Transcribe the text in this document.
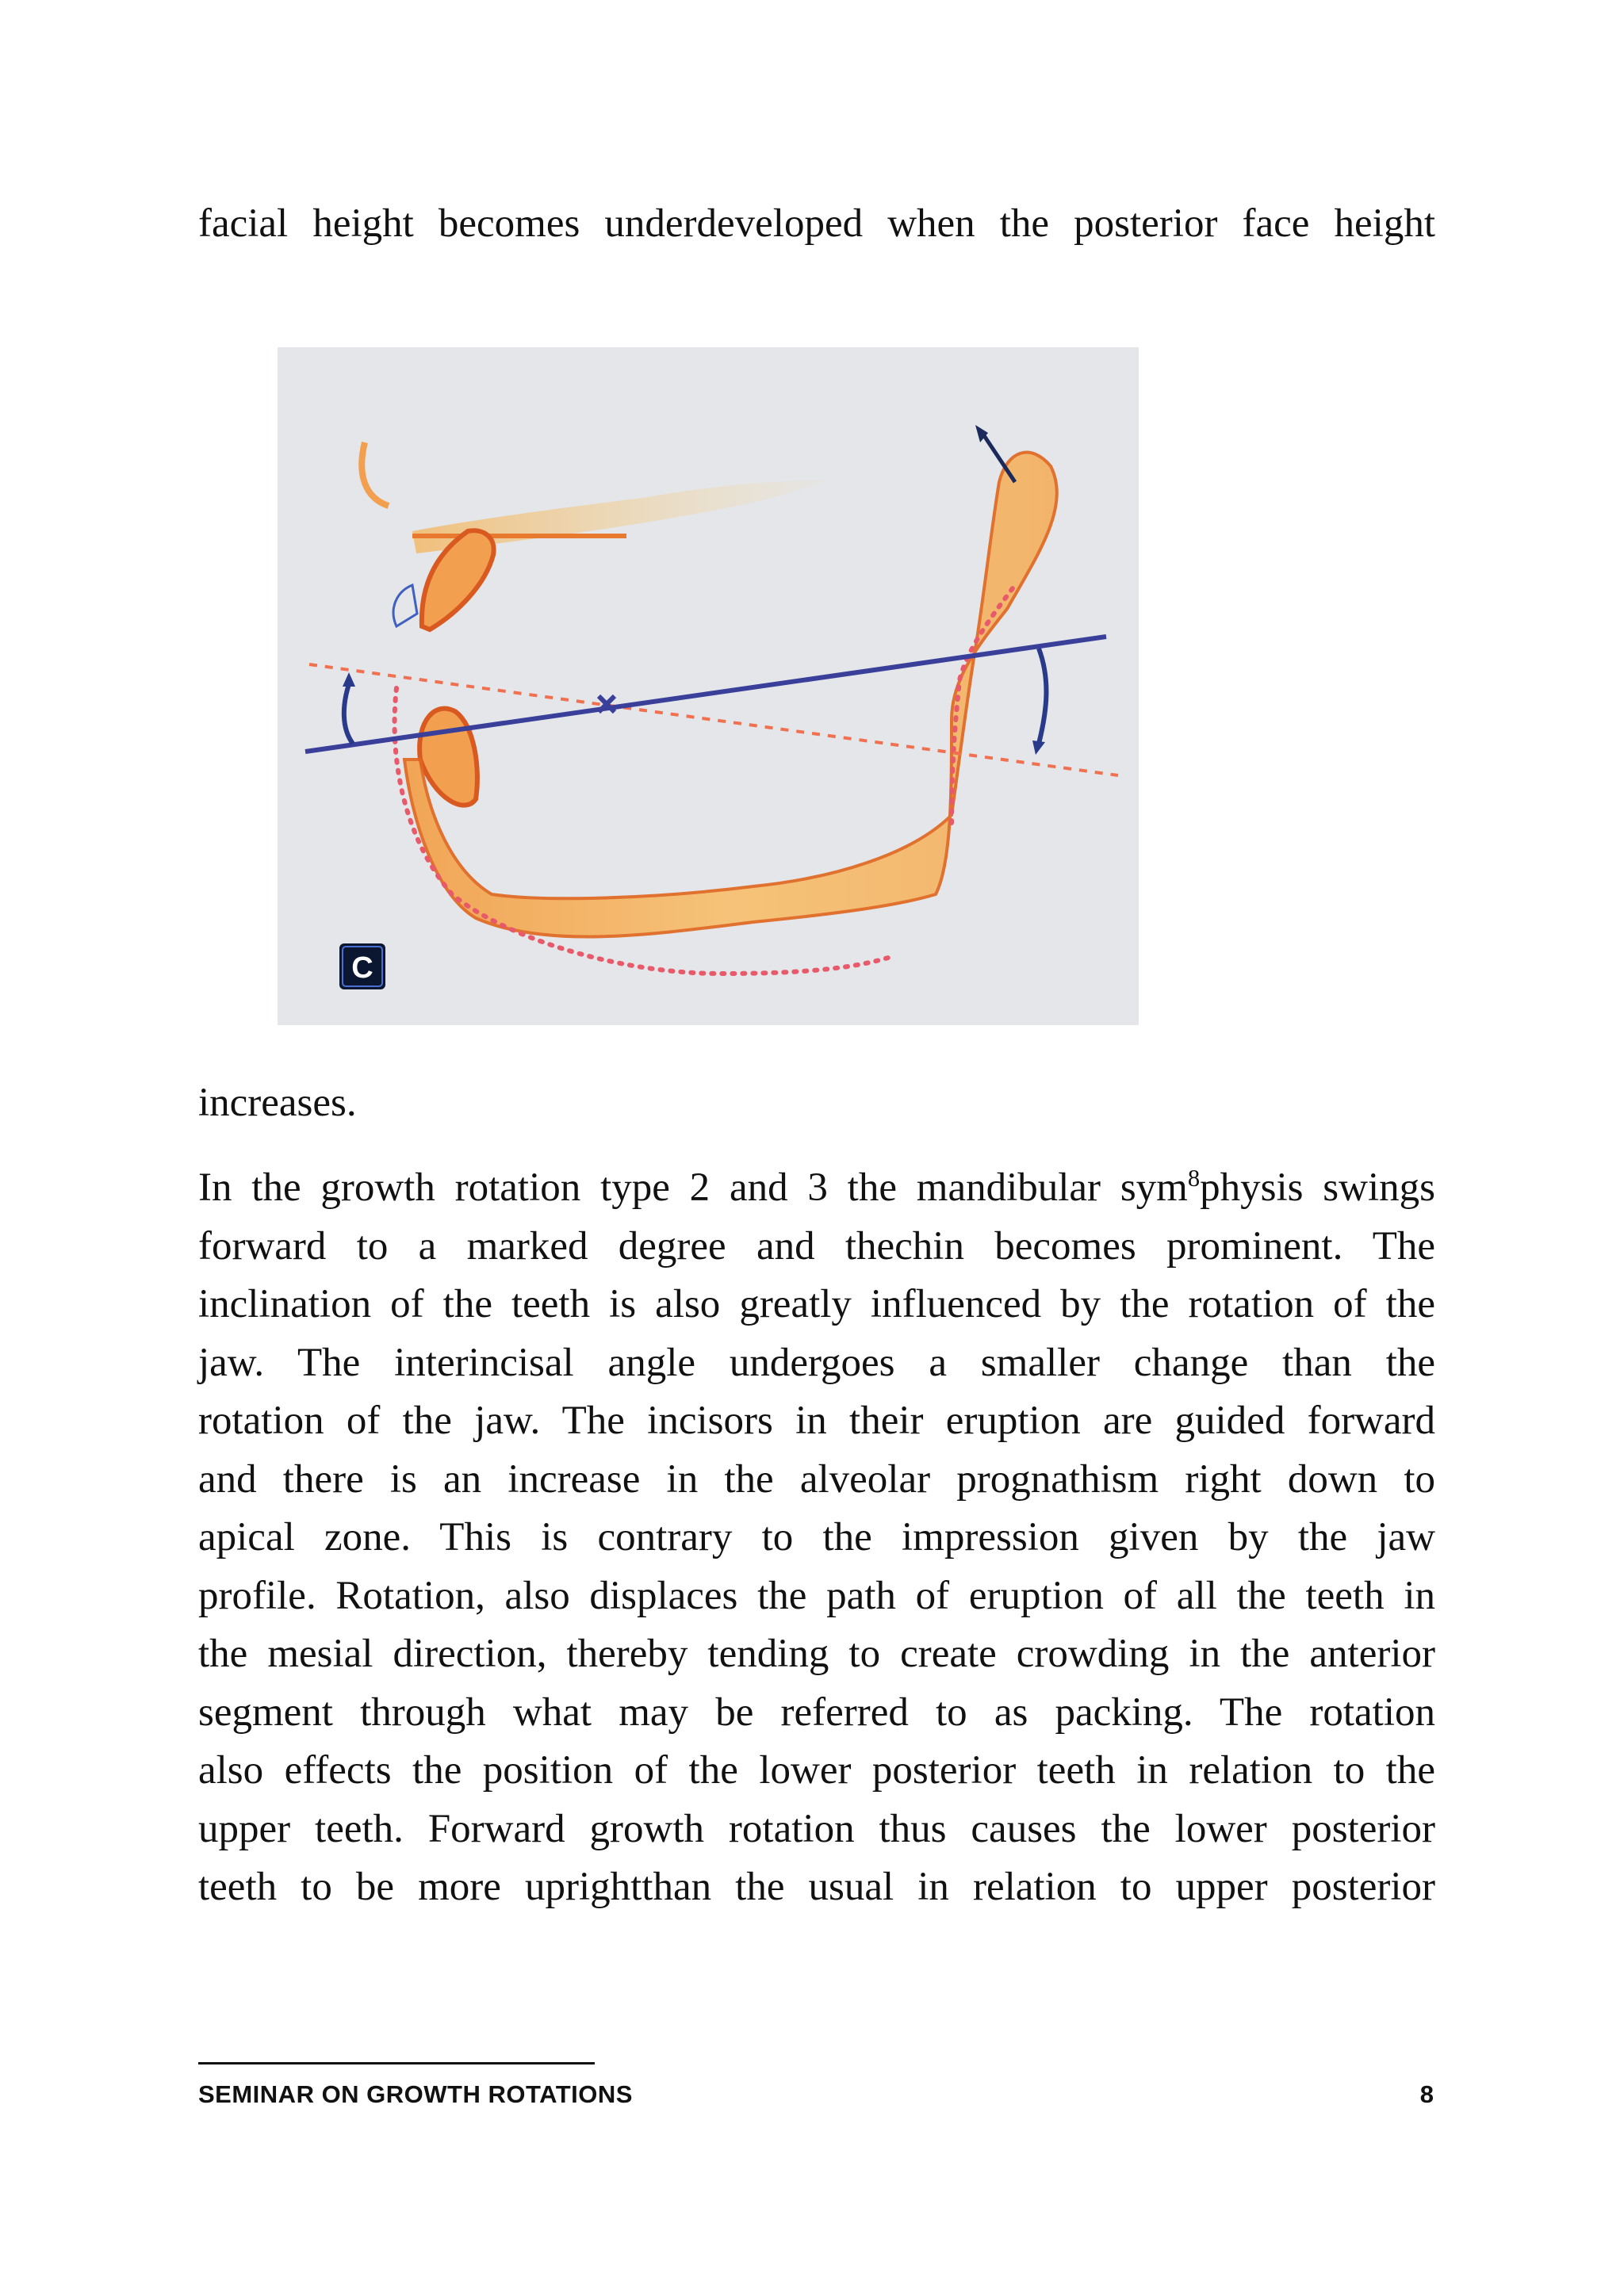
facial height becomes underdeveloped when the posterior face height
C
increases.
In the growth rotation type 2 and 3 the mandibular sym$^8$physis swings
forward to a marked degree and thechin becomes prominent. The
inclination of the teeth is also greatly influenced by the rotation of the
jaw. The interincisal angle undergoes a smaller change than the
rotation of the jaw. The incisors in their eruption are guided forward
and there is an increase in the alveolar prognathism right down to
apical zone. This is contrary to the impression given by the jaw
profile. Rotation, also displaces the path of eruption of all the teeth in
the mesial direction, thereby tending to create crowding in the anterior
segment through what may be referred to as packing. The rotation
also effects the position of the lower posterior teeth in relation to the
upper teeth. Forward growth rotation thus causes the lower posterior
teeth to be more uprightthan the usual in relation to upper posterior
SEMINAR ON GROWTH ROTATIONS	8
